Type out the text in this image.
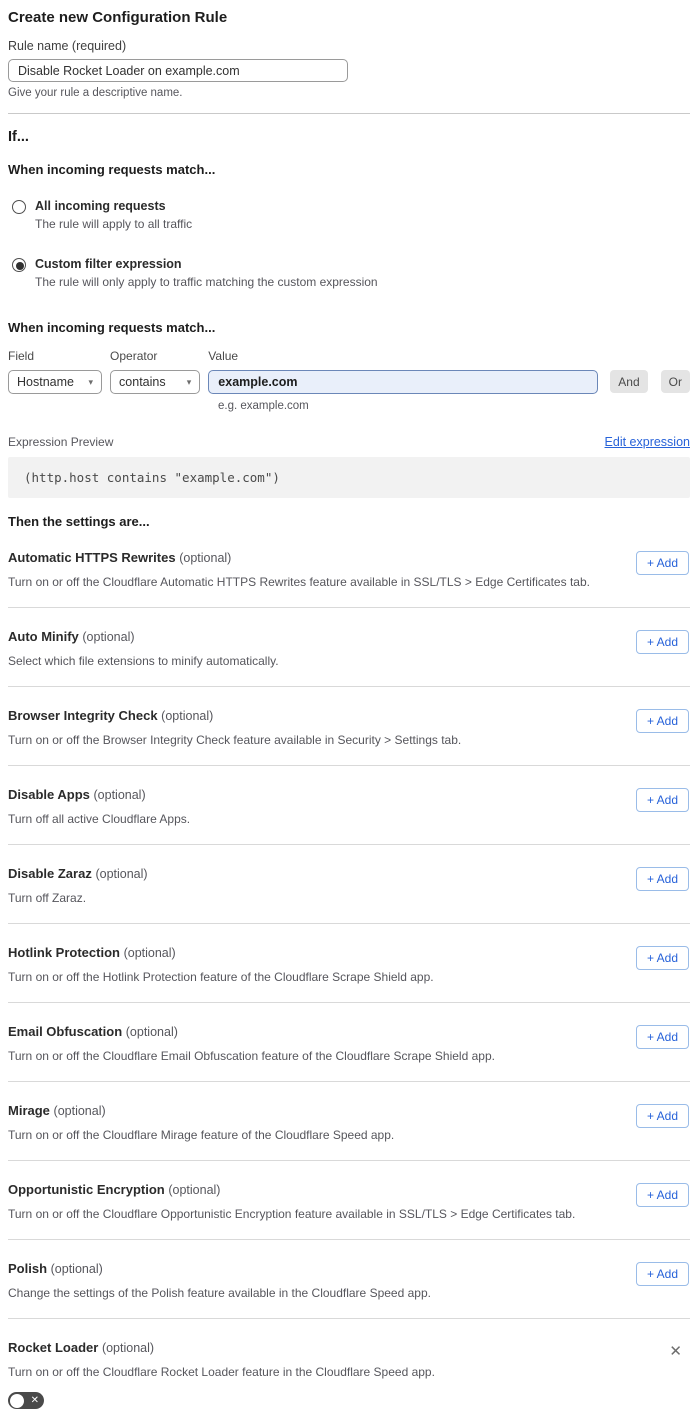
Create new Configuration Rule
Rule name (required)
Disable Rocket Loader on example.com
Give your rule a descriptive name.
If...
When incoming requests match...
All incoming requests
The rule will apply to all traffic
Custom filter expression
The rule will only apply to traffic matching the custom expression
When incoming requests match...
Field
Hostname ▾
Operator
contains ▾
Value
example.com
And	Or
e.g. example.com
Expression Preview	Edit expression
(http.host contains "example.com")
Then the settings are...
Automatic HTTPS Rewrites (optional)
Turn on or off the Cloudflare Automatic HTTPS Rewrites feature available in SSL/TLS > Edge Certificates tab.
+ Add
Auto Minify (optional)
Select which file extensions to minify automatically.
+ Add
Browser Integrity Check (optional)
Turn on or off the Browser Integrity Check feature available in Security > Settings tab.
+ Add
Disable Apps (optional)
Turn off all active Cloudflare Apps.
+ Add
Disable Zaraz (optional)
Turn off Zaraz.
+ Add
Hotlink Protection (optional)
Turn on or off the Hotlink Protection feature of the Cloudflare Scrape Shield app.
+ Add
Email Obfuscation (optional)
Turn on or off the Cloudflare Email Obfuscation feature of the Cloudflare Scrape Shield app.
+ Add
Mirage (optional)
Turn on or off the Cloudflare Mirage feature of the Cloudflare Speed app.
+ Add
Opportunistic Encryption (optional)
Turn on or off the Cloudflare Opportunistic Encryption feature available in SSL/TLS > Edge Certificates tab.
+ Add
Polish (optional)
Change the settings of the Polish feature available in the Cloudflare Speed app.
+ Add
Rocket Loader (optional)
Turn on or off the Cloudflare Rocket Loader feature in the Cloudflare Speed app.
✕
✕
